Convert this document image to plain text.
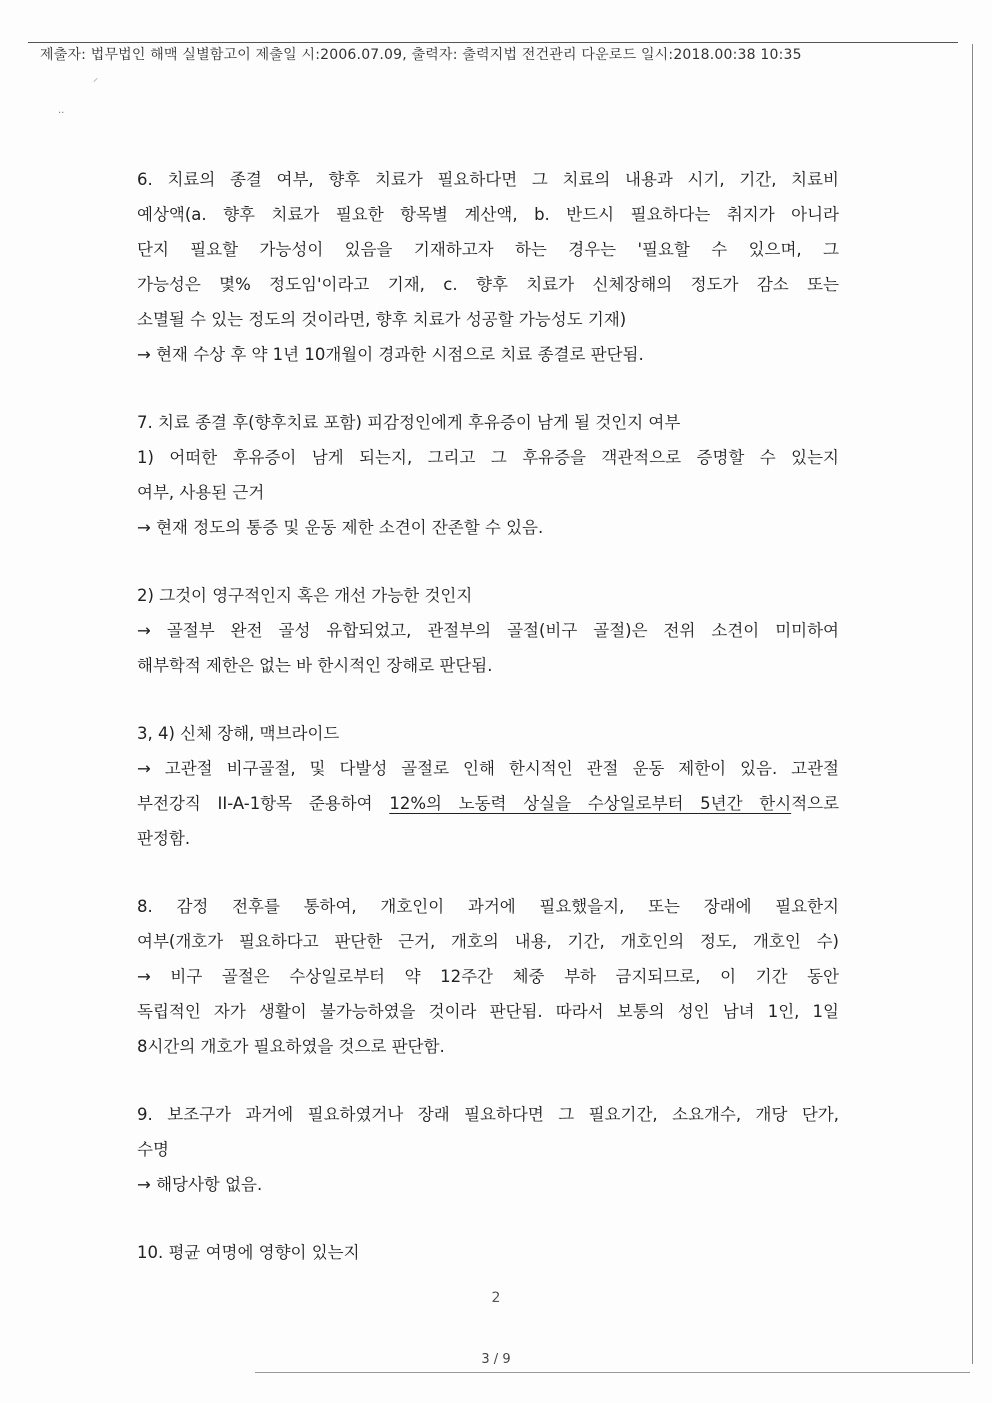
제출자: 법무법인 해맥 실별함고이 제출일 시:2006.07.09, 출력자: 출력지법 전건관리 다운로드 일시:2018.00:38 10:35
⸝
··
6. 치료의 종결 여부, 향후 치료가 필요하다면 그 치료의 내용과 시기, 기간, 치료비
예상액(a. 향후 치료가 필요한 항목별 계산액, b. 반드시 필요하다는 취지가 아니라
단지 필요할 가능성이 있음을 기재하고자 하는 경우는 '필요할 수 있으며, 그
가능성은 몇% 정도임'이라고 기재, c. 향후 치료가 신체장해의 정도가 감소 또는
소멸될 수 있는 정도의 것이라면, 향후 치료가 성공할 가능성도 기재)
→ 현재 수상 후 약 1년 10개월이 경과한 시점으로 치료 종결로 판단됨.
7. 치료 종결 후(향후치료 포함) 피감정인에게 후유증이 남게 될 것인지 여부
1) 어떠한 후유증이 남게 되는지, 그리고 그 후유증을 객관적으로 증명할 수 있는지
여부, 사용된 근거
→ 현재 정도의 통증 및 운동 제한 소견이 잔존할 수 있음.
2) 그것이 영구적인지 혹은 개선 가능한 것인지
→ 골절부 완전 골성 유합되었고, 관절부의 골절(비구 골절)은 전위 소견이 미미하여
해부학적 제한은 없는 바 한시적인 장해로 판단됨.
3, 4) 신체 장해, 맥브라이드
→ 고관절 비구골절, 및 다발성 골절로 인해 한시적인 관절 운동 제한이 있음. 고관절
부전강직 II-A-1항목 준용하여 12%의 노동력 상실을 수상일로부터 5년간 한시적으로
판정함.
8. 감정 전후를 통하여, 개호인이 과거에 필요했을지, 또는 장래에 필요한지
여부(개호가 필요하다고 판단한 근거, 개호의 내용, 기간, 개호인의 정도, 개호인 수)
→ 비구 골절은 수상일로부터 약 12주간 체중 부하 금지되므로, 이 기간 동안
독립적인 자가 생활이 불가능하였을 것이라 판단됨. 따라서 보통의 성인 남녀 1인, 1일
8시간의 개호가 필요하였을 것으로 판단함.
9. 보조구가 과거에 필요하였거나 장래 필요하다면 그 필요기간, 소요개수, 개당 단가,
수명
→ 해당사항 없음.
10. 평균 여명에 영향이 있는지
2
3 / 9
